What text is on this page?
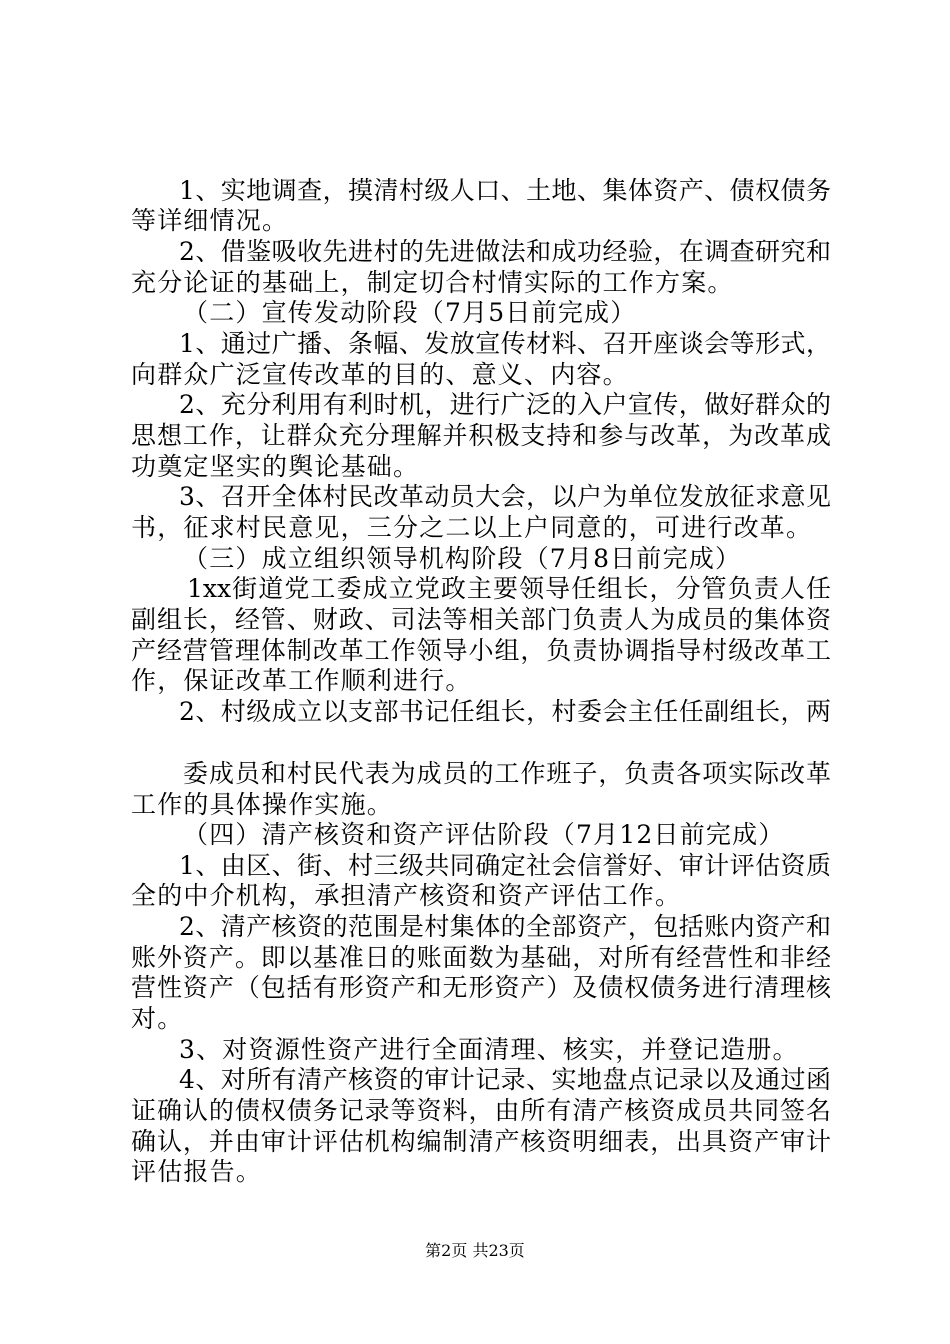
1、实地调查，摸清村级人口、土地、集体资产、债权债务
等详细情况。
2、借鉴吸收先进村的先进做法和成功经验，在调查研究和
充分论证的基础上，制定切合村情实际的工作方案。
（二）宣传发动阶段（7月5日前完成）
1、通过广播、条幅、发放宣传材料、召开座谈会等形式，
向群众广泛宣传改革的目的、意义、内容。
2、充分利用有利时机，进行广泛的入户宣传，做好群众的
思想工作，让群众充分理解并积极支持和参与改革，为改革成
功奠定坚实的舆论基础。
3、召开全体村民改革动员大会，以户为单位发放征求意见
书，征求村民意见，三分之二以上户同意的，可进行改革。
（三）成立组织领导机构阶段（7月8日前完成）
1xx街道党工委成立党政主要领导任组长，分管负责人任
副组长，经管、财政、司法等相关部门负责人为成员的集体资
产经营管理体制改革工作领导小组，负责协调指导村级改革工
作，保证改革工作顺利进行。
2、村级成立以支部书记任组长，村委会主任任副组长，两
委成员和村民代表为成员的工作班子，负责各项实际改革
工作的具体操作实施。
（四）清产核资和资产评估阶段（7月12日前完成）
1、由区、街、村三级共同确定社会信誉好、审计评估资质
全的中介机构，承担清产核资和资产评估工作。
2、清产核资的范围是村集体的全部资产，包括账内资产和
账外资产。即以基准日的账面数为基础，对所有经营性和非经
营性资产（包括有形资产和无形资产）及债权债务进行清理核
对。
3、对资源性资产进行全面清理、核实，并登记造册。
4、对所有清产核资的审计记录、实地盘点记录以及通过函
证确认的债权债务记录等资料，由所有清产核资成员共同签名
确认，并由审计评估机构编制清产核资明细表，出具资产审计
评估报告。
第2页 共23页
